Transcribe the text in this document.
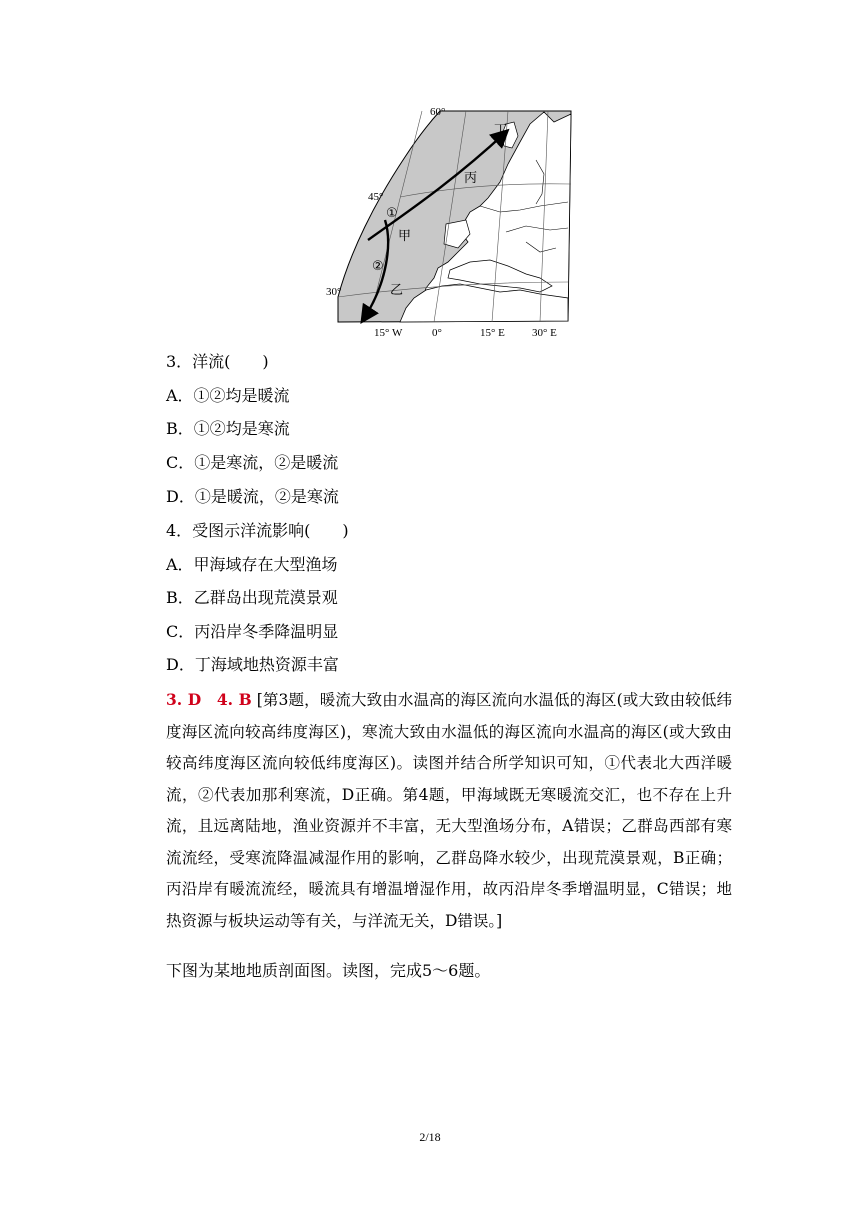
60°
45°
30°
15° W	0°	15° E 30° E
①
②
甲
乙
丙
丁
3．洋流(　　)
A．①②均是暖流
B．①②均是寒流
C．①是寒流，②是暖流
D．①是暖流，②是寒流
4．受图示洋流影响(　　)
A．甲海域存在大型渔场
B．乙群岛出现荒漠景观
C．丙沿岸冬季降温明显
D．丁海域地热资源丰富
3. D　4. B [第3题，暖流大致由水温高的海区流向水温低的海区(或大致由较低纬度海区流向较高纬度海区)，寒流大致由水温低的海区流向水温高的海区(或大致由较高纬度海区流向较低纬度海区)。读图并结合所学知识可知，①代表北大西洋暖流，②代表加那利寒流，D正确。第4题，甲海域既无寒暖流交汇，也不存在上升流，且远离陆地，渔业资源并不丰富，无大型渔场分布，A错误；乙群岛西部有寒流流经，受寒流降温减湿作用的影响，乙群岛降水较少，出现荒漠景观，B正确；丙沿岸有暖流流经，暖流具有增温增湿作用，故丙沿岸冬季增温明显，C错误；地热资源与板块运动等有关，与洋流无关，D错误。]
下图为某地地质剖面图。读图，完成5～6题。
2/18
